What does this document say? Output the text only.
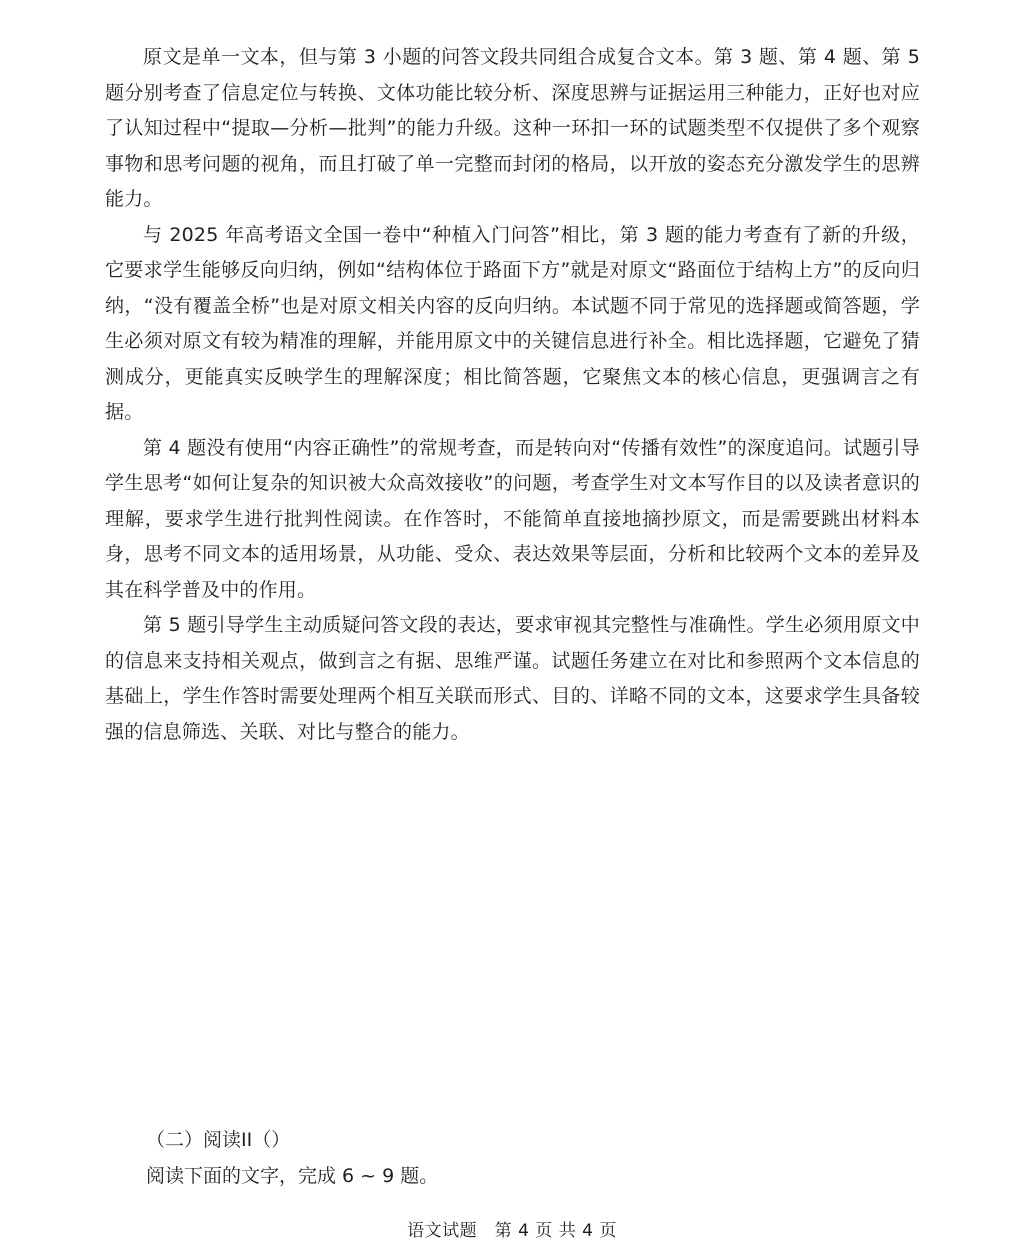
原文是单一文本，但与第 3 小题的问答文段共同组合成复合文本。第 3 题、第 4 题、第 5 题分别考查了信息定位与转换、文体功能比较分析、深度思辨与证据运用三种能力，正好也对应了认知过程中“提取—分析—批判”的能力升级。这种一环扣一环的试题类型不仅提供了多个观察事物和思考问题的视角，而且打破了单一完整而封闭的格局，以开放的姿态充分激发学生的思辨能力。

与 2025 年高考语文全国一卷中“种植入门问答”相比，第 3 题的能力考查有了新的升级，它要求学生能够反向归纳，例如“结构体位于路面下方”就是对原文“路面位于结构上方”的反向归纳，“没有覆盖全桥”也是对原文相关内容的反向归纳。本试题不同于常见的选择题或简答题，学生必须对原文有较为精准的理解，并能用原文中的关键信息进行补全。相比选择题，它避免了猜测成分，更能真实反映学生的理解深度；相比简答题，它聚焦文本的核心信息，更强调言之有据。

第 4 题没有使用“内容正确性”的常规考查，而是转向对“传播有效性”的深度追问。试题引导学生思考“如何让复杂的知识被大众高效接收”的问题，考查学生对文本写作目的以及读者意识的理解，要求学生进行批判性阅读。在作答时，不能简单直接地摘抄原文，而是需要跳出材料本身，思考不同文本的适用场景，从功能、受众、表达效果等层面，分析和比较两个文本的差异及其在科学普及中的作用。

第 5 题引导学生主动质疑问答文段的表达，要求审视其完整性与准确性。学生必须用原文中的信息来支持相关观点，做到言之有据、思维严谨。试题任务建立在对比和参照两个文本信息的基础上，学生作答时需要处理两个相互关联而形式、目的、详略不同的文本，这要求学生具备较强的信息筛选、关联、对比与整合的能力。

（二）阅读II（）
阅读下面的文字，完成 6 ~ 9 题。
语文试题　第 4 页 共 4 页
